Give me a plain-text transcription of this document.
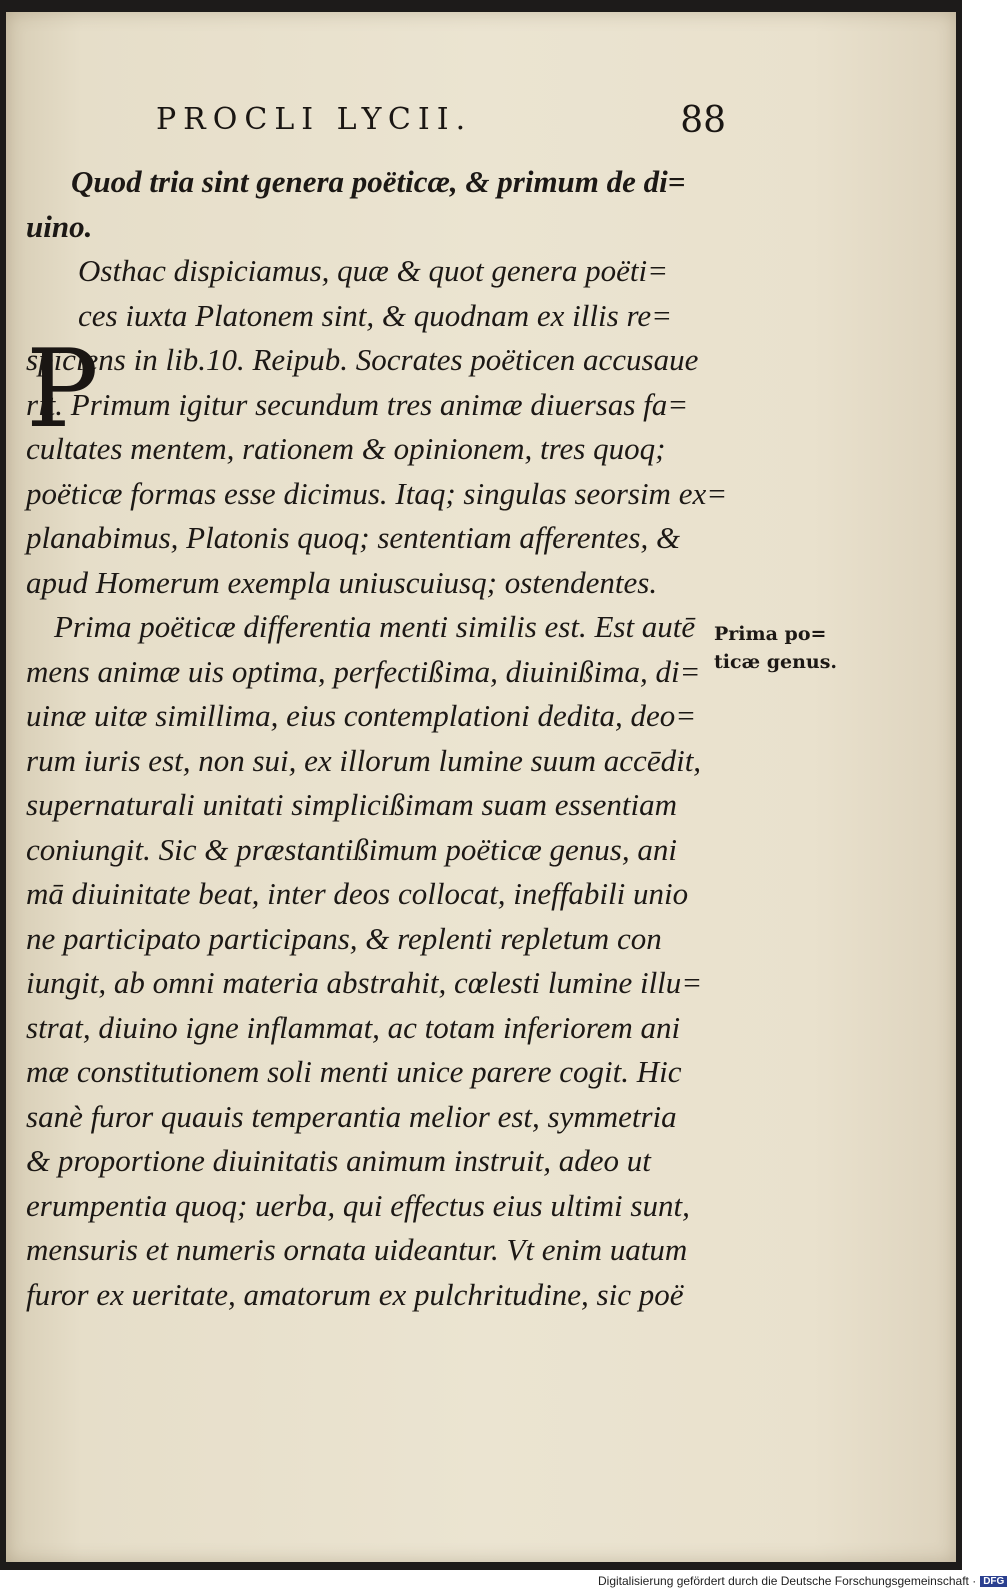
PROCLI LYCII.	88
Quod tria sint genera poëticæ, & primum de di=
uino.
P
Osthac dispiciamus, quæ & quot genera poëti=
ces iuxta Platonem sint, & quodnam ex illis re=
spiciens in lib.10. Reipub. Socrates poëticen accusaue
rit. Primum igitur secundum tres animæ diuersas fa=
cultates mentem, rationem & opinionem, tres quoq;
poëticæ formas esse dicimus. Itaq; singulas seorsim ex=
planabimus, Platonis quoq; sententiam afferentes, &
apud Homerum exempla uniuscuiusq; ostendentes.
Prima poëticæ differentia menti similis est. Est autē
mens animæ uis optima, perfectißima, diuinißima, di=
uinæ uitæ simillima, eius contemplationi dedita, deo=
rum iuris est, non sui, ex illorum lumine suum accēdit,
supernaturali unitati simplicißimam suam essentiam
coniungit. Sic & præstantißimum poëticæ genus, ani
mā diuinitate beat, inter deos collocat, ineffabili unio
ne participato participans, & replenti repletum con
iungit, ab omni materia abstrahit, cœlesti lumine illu=
strat, diuino igne inflammat, ac totam inferiorem ani
mæ constitutionem soli menti unice parere cogit. Hic
sanè furor quauis temperantia melior est, symmetria
& proportione diuinitatis animum instruit, adeo ut
erumpentia quoq; uerba, qui effectus eius ultimi sunt,
mensuris et numeris ornata uideantur. Vt enim uatum
furor ex ueritate, amatorum ex pulchritudine, sic poë
Prima po=
ticæ genus.
Digitalisierung gefördert durch die Deutsche Forschungsgemeinschaft · DFG
